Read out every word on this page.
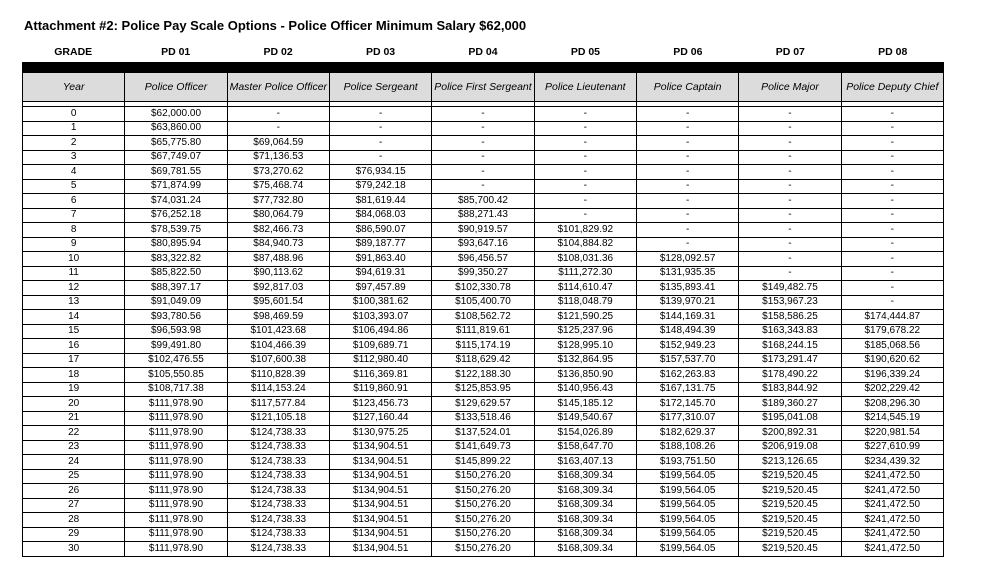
Attachment #2: Police Pay Scale Options - Police Officer Minimum Salary $62,000
GRADE	PD 01	PD 02	PD 03	PD 04	PD 05	PD 06	PD 07	PD 08
Year	Police Officer	Master Police Officer	Police Sergeant	Police First Sergeant	Police Lieutenant	Police Captain	Police Major	Police Deputy Chief

0	$62,000.00	-	-	-	-	-	-	-
1	$63,860.00	-	-	-	-	-	-	-
2	$65,775.80	$69,064.59	-	-	-	-	-	-
3	$67,749.07	$71,136.53	-	-	-	-	-	-
4	$69,781.55	$73,270.62	$76,934.15	-	-	-	-	-
5	$71,874.99	$75,468.74	$79,242.18	-	-	-	-	-
6	$74,031.24	$77,732.80	$81,619.44	$85,700.42	-	-	-	-
7	$76,252.18	$80,064.79	$84,068.03	$88,271.43	-	-	-	-
8	$78,539.75	$82,466.73	$86,590.07	$90,919.57	$101,829.92	-	-	-
9	$80,895.94	$84,940.73	$89,187.77	$93,647.16	$104,884.82	-	-	-
10	$83,322.82	$87,488.96	$91,863.40	$96,456.57	$108,031.36	$128,092.57	-	-
11	$85,822.50	$90,113.62	$94,619.31	$99,350.27	$111,272.30	$131,935.35	-	-
12	$88,397.17	$92,817.03	$97,457.89	$102,330.78	$114,610.47	$135,893.41	$149,482.75	-
13	$91,049.09	$95,601.54	$100,381.62	$105,400.70	$118,048.79	$139,970.21	$153,967.23	-
14	$93,780.56	$98,469.59	$103,393.07	$108,562.72	$121,590.25	$144,169.31	$158,586.25	$174,444.87
15	$96,593.98	$101,423.68	$106,494.86	$111,819.61	$125,237.96	$148,494.39	$163,343.83	$179,678.22
16	$99,491.80	$104,466.39	$109,689.71	$115,174.19	$128,995.10	$152,949.23	$168,244.15	$185,068.56
17	$102,476.55	$107,600.38	$112,980.40	$118,629.42	$132,864.95	$157,537.70	$173,291.47	$190,620.62
18	$105,550.85	$110,828.39	$116,369.81	$122,188.30	$136,850.90	$162,263.83	$178,490.22	$196,339.24
19	$108,717.38	$114,153.24	$119,860.91	$125,853.95	$140,956.43	$167,131.75	$183,844.92	$202,229.42
20	$111,978.90	$117,577.84	$123,456.73	$129,629.57	$145,185.12	$172,145.70	$189,360.27	$208,296.30
21	$111,978.90	$121,105.18	$127,160.44	$133,518.46	$149,540.67	$177,310.07	$195,041.08	$214,545.19
22	$111,978.90	$124,738.33	$130,975.25	$137,524.01	$154,026.89	$182,629.37	$200,892.31	$220,981.54
23	$111,978.90	$124,738.33	$134,904.51	$141,649.73	$158,647.70	$188,108.26	$206,919.08	$227,610.99
24	$111,978.90	$124,738.33	$134,904.51	$145,899.22	$163,407.13	$193,751.50	$213,126.65	$234,439.32
25	$111,978.90	$124,738.33	$134,904.51	$150,276.20	$168,309.34	$199,564.05	$219,520.45	$241,472.50
26	$111,978.90	$124,738.33	$134,904.51	$150,276.20	$168,309.34	$199,564.05	$219,520.45	$241,472.50
27	$111,978.90	$124,738.33	$134,904.51	$150,276.20	$168,309.34	$199,564.05	$219,520.45	$241,472.50
28	$111,978.90	$124,738.33	$134,904.51	$150,276.20	$168,309.34	$199,564.05	$219,520.45	$241,472.50
29	$111,978.90	$124,738.33	$134,904.51	$150,276.20	$168,309.34	$199,564.05	$219,520.45	$241,472.50
30	$111,978.90	$124,738.33	$134,904.51	$150,276.20	$168,309.34	$199,564.05	$219,520.45	$241,472.50
